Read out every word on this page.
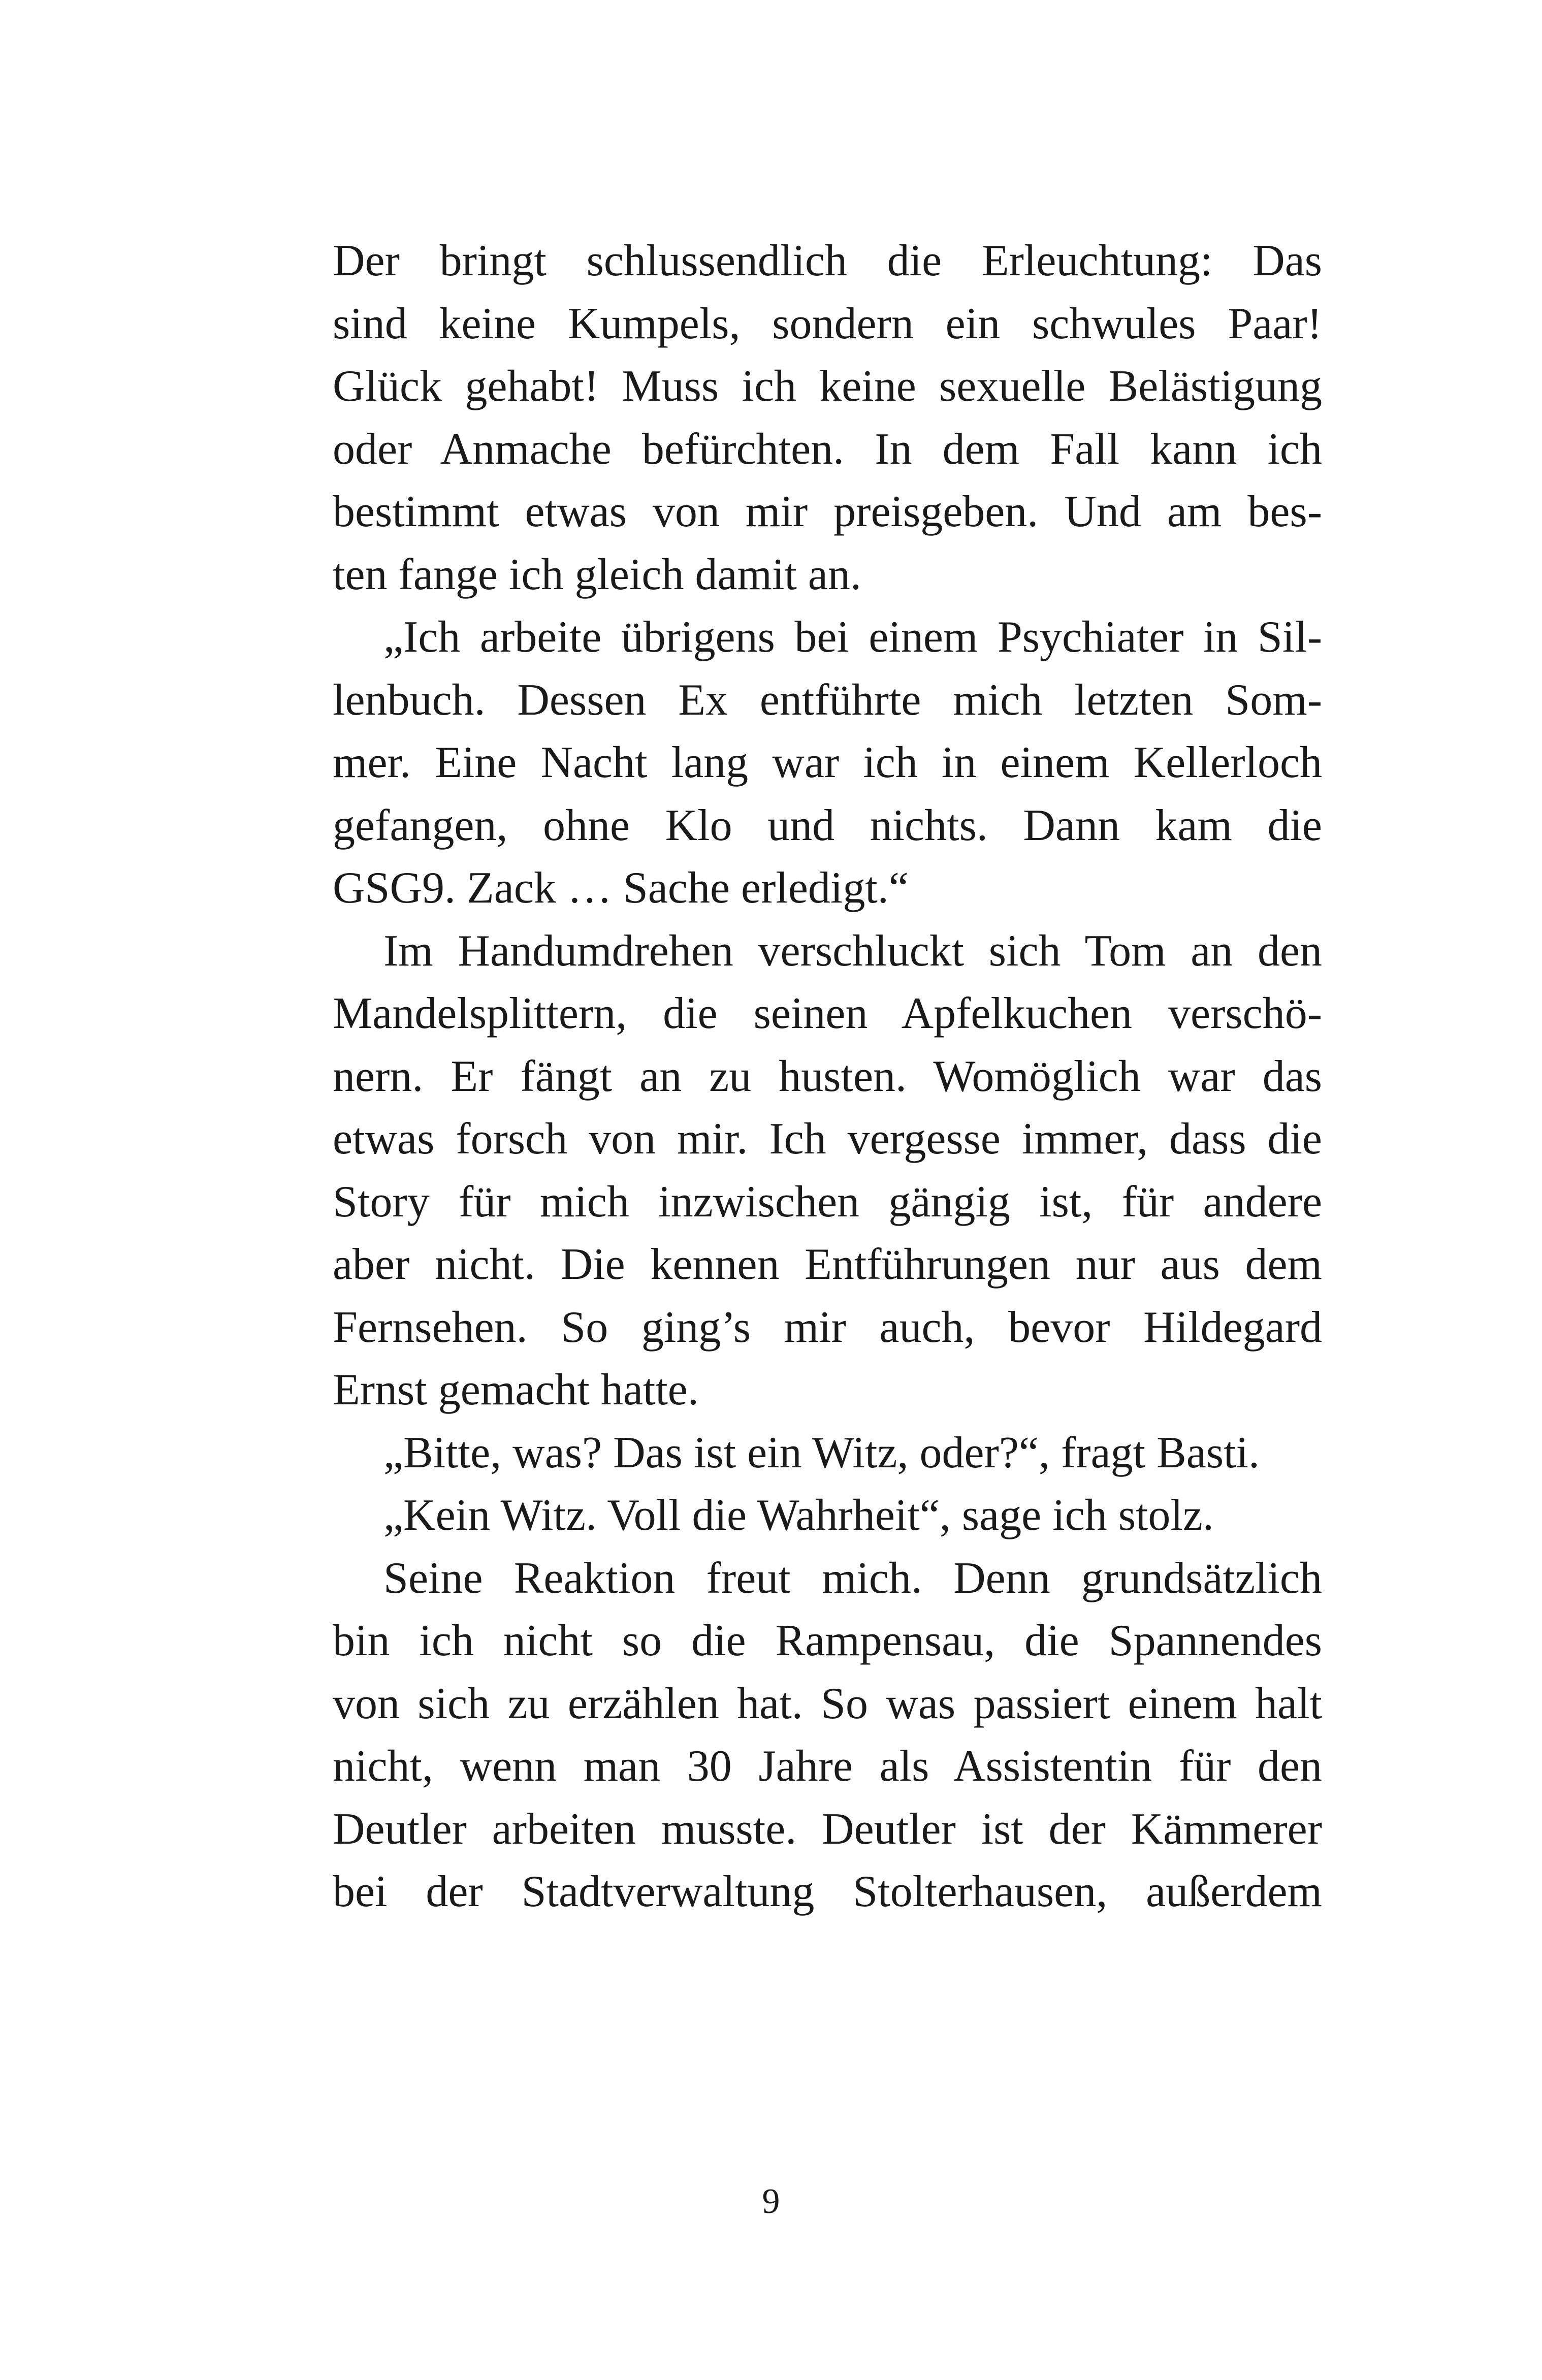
Der bringt schlussendlich die Erleuchtung: Das
sind keine Kumpels, sondern ein schwules Paar!
Glück gehabt! Muss ich keine sexuelle Belästigung
oder Anmache befürchten. In dem Fall kann ich
bestimmt etwas von mir preisgeben. Und am bes-
ten fange ich gleich damit an.
„Ich arbeite übrigens bei einem Psychiater in Sil-
lenbuch. Dessen Ex entführte mich letzten Som-
mer. Eine Nacht lang war ich in einem Kellerloch
gefangen, ohne Klo und nichts. Dann kam die
GSG9. Zack … Sache erledigt.“
Im Handumdrehen verschluckt sich Tom an den
Mandelsplittern, die seinen Apfelkuchen verschö-
nern. Er fängt an zu husten. Womöglich war das
etwas forsch von mir. Ich vergesse immer, dass die
Story für mich inzwischen gängig ist, für andere
aber nicht. Die kennen Entführungen nur aus dem
Fernsehen. So ging’s mir auch, bevor Hildegard
Ernst gemacht hatte.
„Bitte, was? Das ist ein Witz, oder?“, fragt Basti.
„Kein Witz. Voll die Wahrheit“, sage ich stolz.
Seine Reaktion freut mich. Denn grundsätzlich
bin ich nicht so die Rampensau, die Spannendes
von sich zu erzählen hat. So was passiert einem halt
nicht, wenn man 30 Jahre als Assistentin für den
Deutler arbeiten musste. Deutler ist der Kämmerer
bei der Stadtverwaltung Stolterhausen, außerdem
9
